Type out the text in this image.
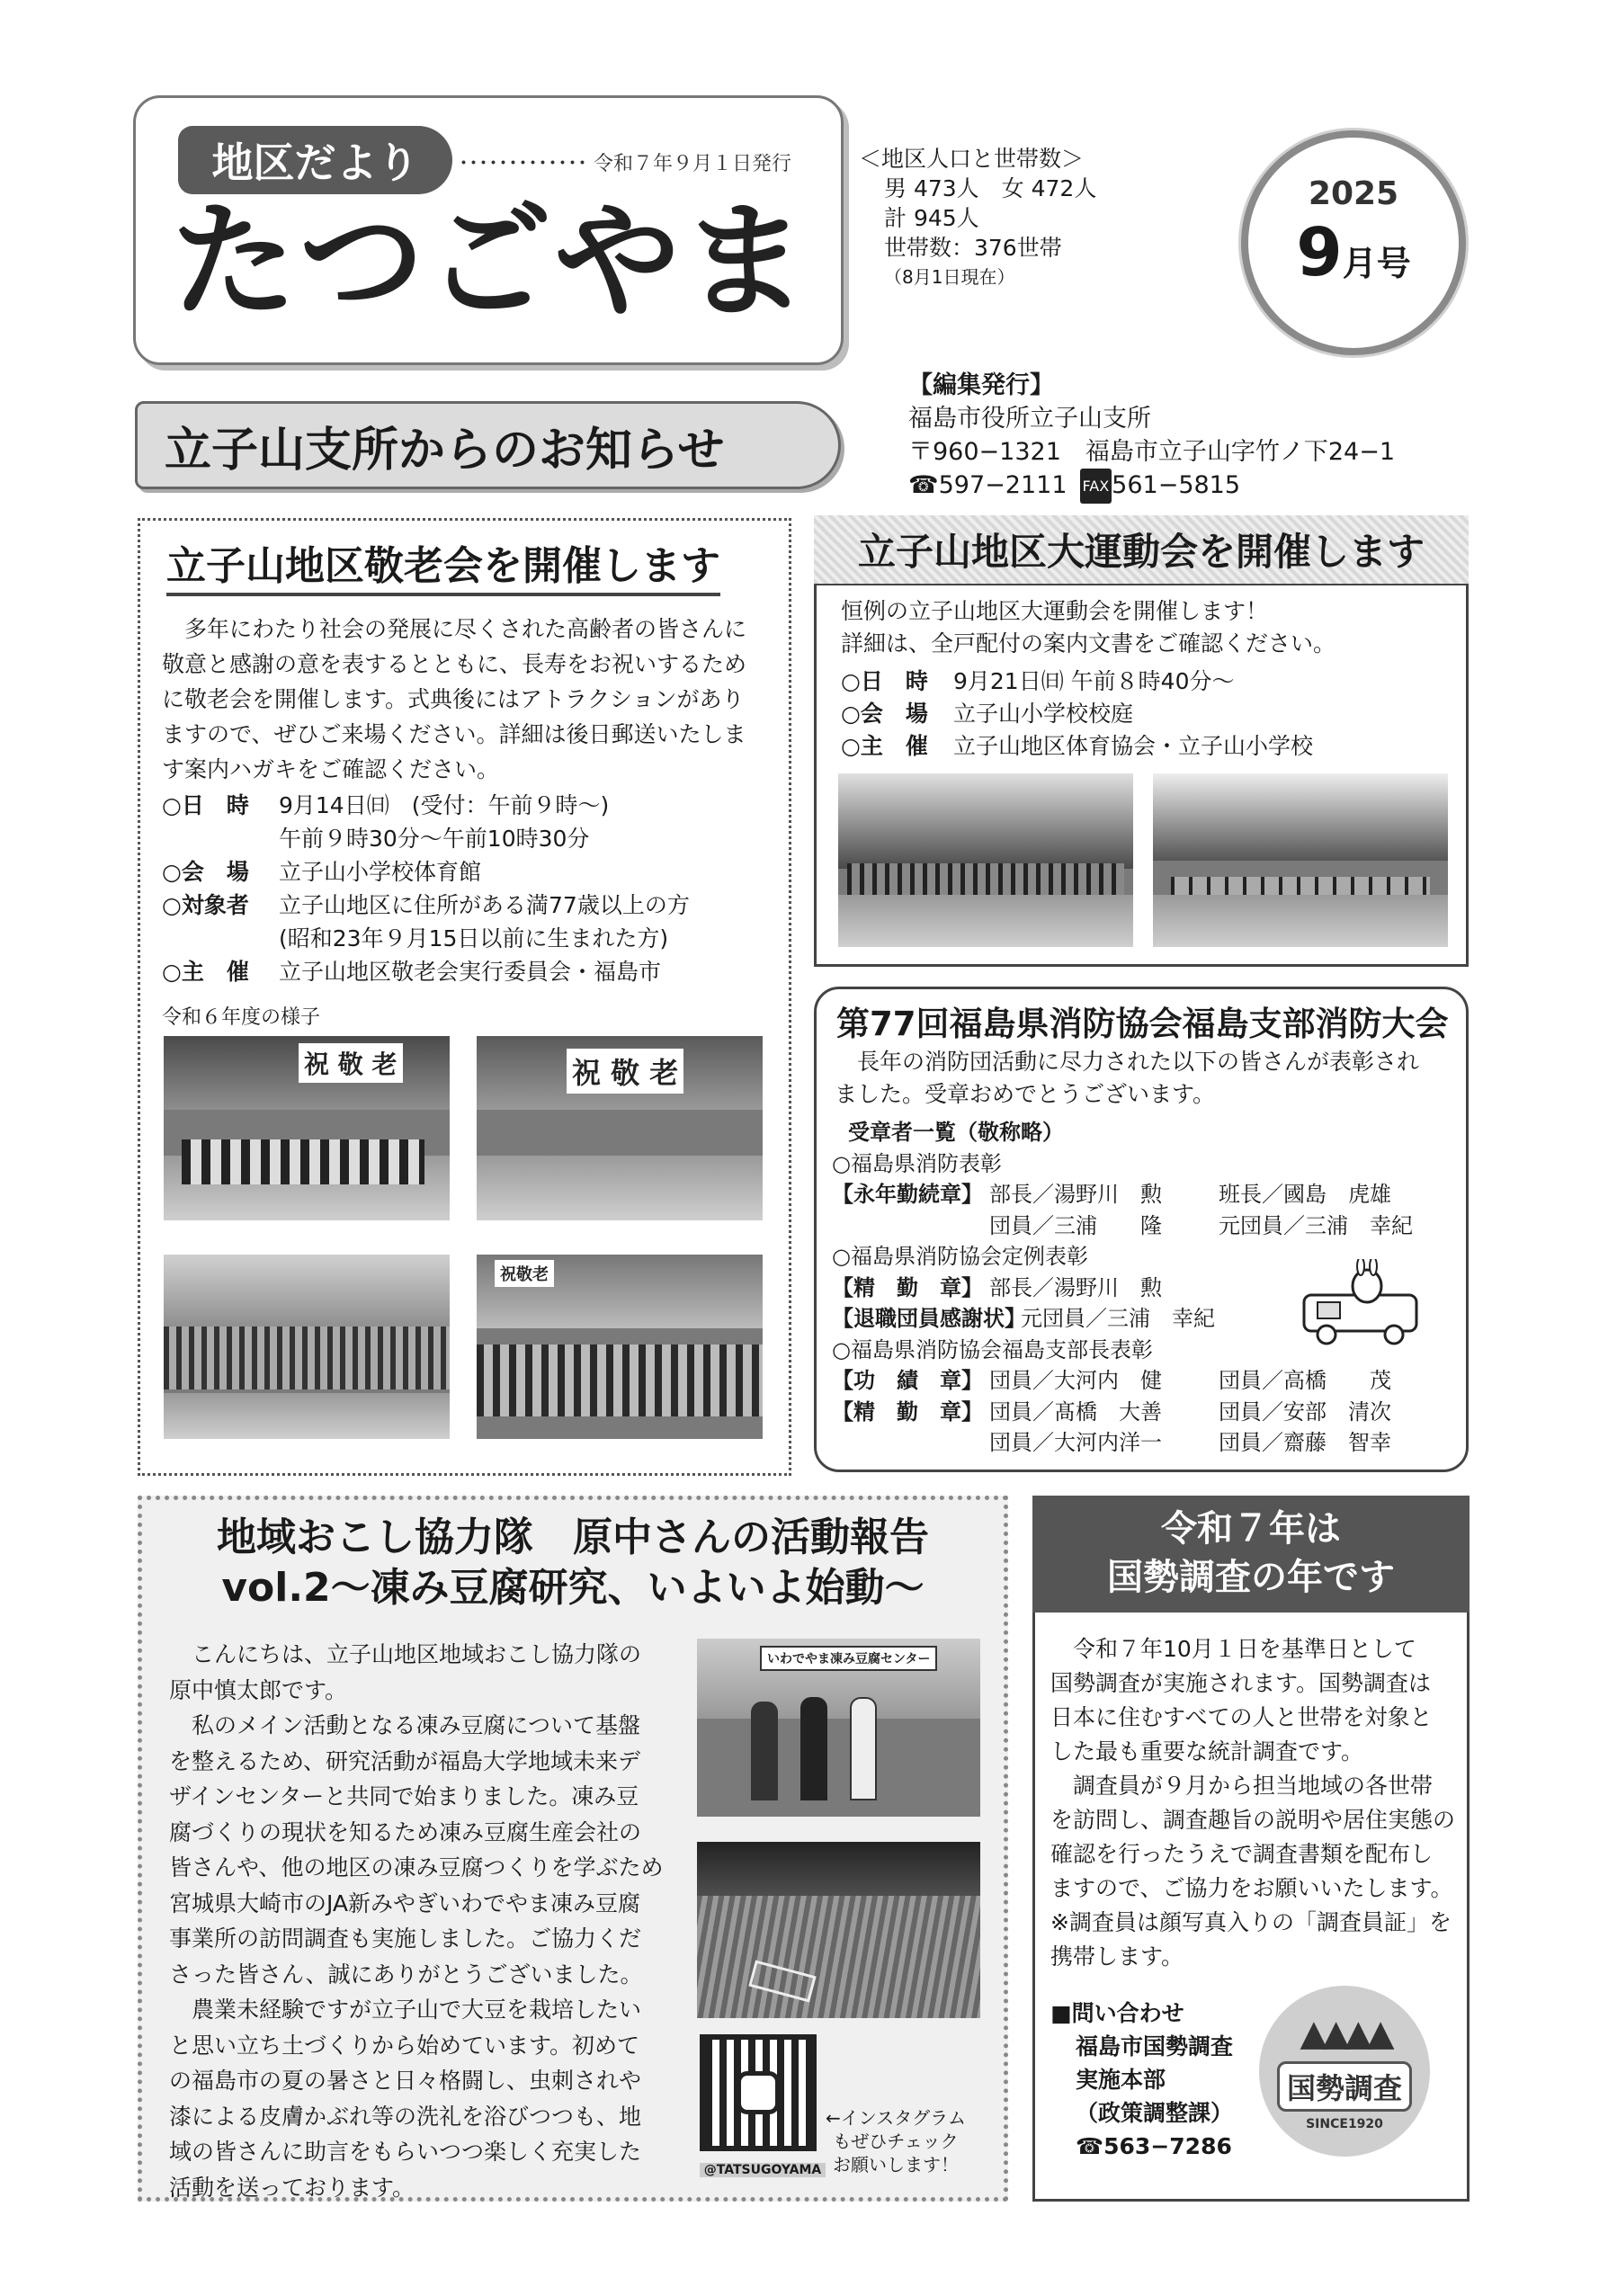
地区だより	･････････････ 令和７年９月１日発行
たつごやま
＜地区人口と世帯数＞
男 473人　女 472人
計 945人
世帯数：376世帯
（8月1日現在）
2025
9月号
【編集発行】
福島市役所立子山支所
〒960−1321　福島市立子山字竹ノ下24−1
☎597−2111 FAX 561−5815
立子山支所からのお知らせ
立子山地区敬老会を開催します
　多年にわたり社会の発展に尽くされた高齢者の皆さんに
敬意と感謝の意を表するとともに、長寿をお祝いするため
に敬老会を開催します。式典後にはアトラクションがあり
ますので、ぜひご来場ください。詳細は後日郵送いたしま
す案内ハガキをご確認ください。
○日　時 9月14日㈰　(受付：午前９時～)
午前９時30分～午前10時30分
○会　場 立子山小学校体育館
○対象者 立子山地区に住所がある満77歳以上の方
(昭和23年９月15日以前に生まれた方)
○主　催 立子山地区敬老会実行委員会・福島市
令和６年度の様子
祝 敬 老	祝 敬 老
祝敬老
立子山地区大運動会を開催します
恒例の立子山地区大運動会を開催します！
詳細は、全戸配付の案内文書をご確認ください。
○日　時 9月21日㈰ 午前８時40分～
○会　場 立子山小学校校庭
○主　催 立子山地区体育協会・立子山小学校
第77回福島県消防協会福島支部消防大会
　長年の消防団活動に尽力された以下の皆さんが表彰され
ました。受章おめでとうございます。
受章者一覧（敬称略）
○福島県消防表彰
【永年勤続章】 部長／湯野川　勲	班長／國島　虎雄
団員／三浦　　隆	元団員／三浦　幸紀
○福島県消防協会定例表彰
【精　勤　章】 部長／湯野川　勲
【退職団員感謝状】元団員／三浦　幸紀
○福島県消防協会福島支部長表彰
【功　績　章】 団員／大河内　健	団員／高橋　　茂
【精　勤　章】 団員／髙橋　大善	団員／安部　清次
団員／大河内洋一	団員／齋藤　智幸
地域おこし協力隊　原中さんの活動報告
vol.2～凍み豆腐研究、いよいよ始動～
　こんにちは、立子山地区地域おこし協力隊の
原中慎太郎です。
　私のメイン活動となる凍み豆腐について基盤
を整えるため、研究活動が福島大学地域未来デ
ザインセンターと共同で始まりました。凍み豆
腐づくりの現状を知るため凍み豆腐生産会社の
皆さんや、他の地区の凍み豆腐つくりを学ぶため
宮城県大崎市のJA新みやぎいわでやま凍み豆腐
事業所の訪問調査も実施しました。ご協力くだ
さった皆さん、誠にありがとうございました。
　農業未経験ですが立子山で大豆を栽培したい
と思い立ち土づくりから始めています。初めて
の福島市の夏の暑さと日々格闘し、虫刺されや
漆による皮膚かぶれ等の洗礼を浴びつつも、地
域の皆さんに助言をもらいつつ楽しく充実した
活動を送っております。
いわでやま凍み豆腐センター
@TATSUGOYAMA
←インスタグラム
もぜひチェック
お願いします！
令和７年は
国勢調査の年です
　令和７年10月１日を基準日として
国勢調査が実施されます。国勢調査は
日本に住むすべての人と世帯を対象と
した最も重要な統計調査です。
　調査員が９月から担当地域の各世帯
を訪問し、調査趣旨の説明や居住実態の
確認を行ったうえで調査書類を配布し
ますので、ご協力をお願いいたします。
※調査員は顔写真入りの「調査員証」を
携帯します。
■問い合わせ
福島市国勢調査
実施本部
（政策調整課）
☎563−7286
▲▲▲▲
国勢調査
SINCE1920
